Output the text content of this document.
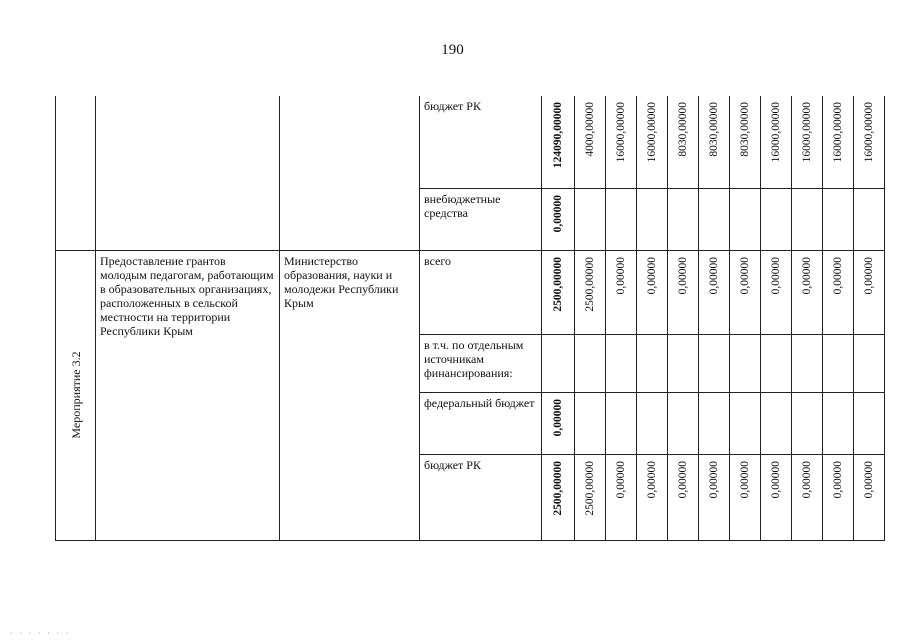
190

			бюджет РК	124090,00000	4000,00000	16000,00000	16000,00000	8030,00000	8030,00000	8030,00000	16000,00000	16000,00000	16000,00000	16000,00000

			внебюджетные средства	0,00000										

Мероприятие 3.2	Предоставление грантов молодым педагогам, работающим в образовательных организациях, расположенных в сельской местности на территории Республики Крым	Министерство образования, науки и молодежи Республики Крым	всего	2500,00000	2500,00000	0,00000	0,00000	0,00000	0,00000	0,00000	0,00000	0,00000	0,00000	0,00000

			в т.ч. по отдельным источникам финансирования:											

			федеральный бюджет	0,00000										

			бюджет РК	2500,00000	2500,00000	0,00000	0,00000	0,00000	0,00000	0,00000	0,00000	0,00000	0,00000	0,00000
· · · · · · ·
